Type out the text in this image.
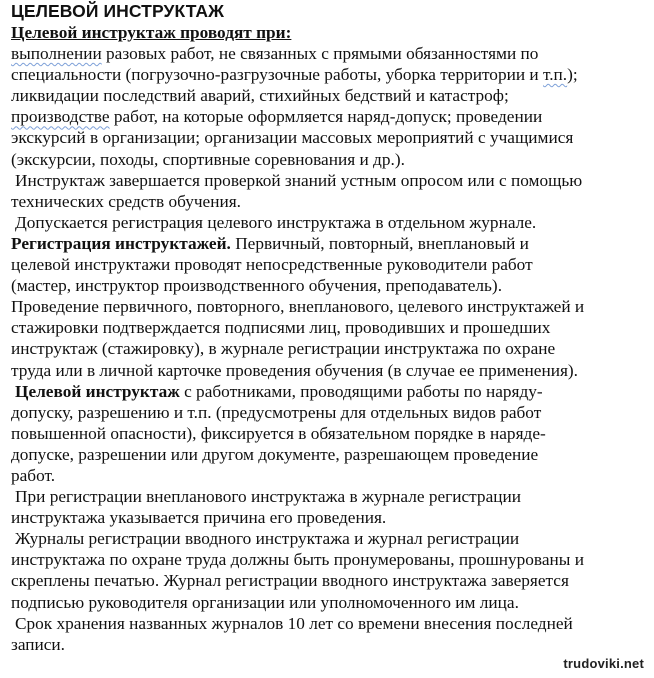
ЦЕЛЕВОЙ ИНСТРУКТАЖ

Целевой инструктаж проводят при:

выполнении разовых работ, не связанных с прямыми обязанностями по

специальности (погрузочно-разгрузочные работы, уборка территории и т.п.);

ликвидации последствий аварий, стихийных бедствий и катастроф;

производстве работ, на которые оформляется наряд-допуск; проведении

экскурсий в организации; организации массовых мероприятий с учащимися

(экскурсии, походы, спортивные соревнования и др.).

Инструктаж завершается проверкой знаний устным опросом или с помощью

технических средств обучения.

Допускается регистрация целевого инструктажа в отдельном журнале.

Регистрация инструктажей. Первичный, повторный, внеплановый и

целевой инструктажи проводят непосредственные руководители работ

(мастер, инструктор производственного обучения, преподаватель).

Проведение первичного, повторного, внепланового, целевого инструктажей и

стажировки подтверждается подписями лиц, проводивших и прошедших

инструктаж (стажировку), в журнале регистрации инструктажа по охране

труда или в личной карточке проведения обучения (в случае ее применения).

Целевой инструктаж с работниками, проводящими работы по наряду-

допуску, разрешению и т.п. (предусмотрены для отдельных видов работ

повышенной опасности), фиксируется в обязательном порядке в наряде-

допуске, разрешении или другом документе, разрешающем проведение

работ.

При регистрации внепланового инструктажа в журнале регистрации

инструктажа указывается причина его проведения.

Журналы регистрации вводного инструктажа и журнал регистрации

инструктажа по охране труда должны быть пронумерованы, прошнурованы и

скреплены печатью. Журнал регистрации вводного инструктажа заверяется

подписью руководителя организации или уполномоченного им лица.

Срок хранения названных журналов 10 лет со времени внесения последней

записи.

trudoviki.net
